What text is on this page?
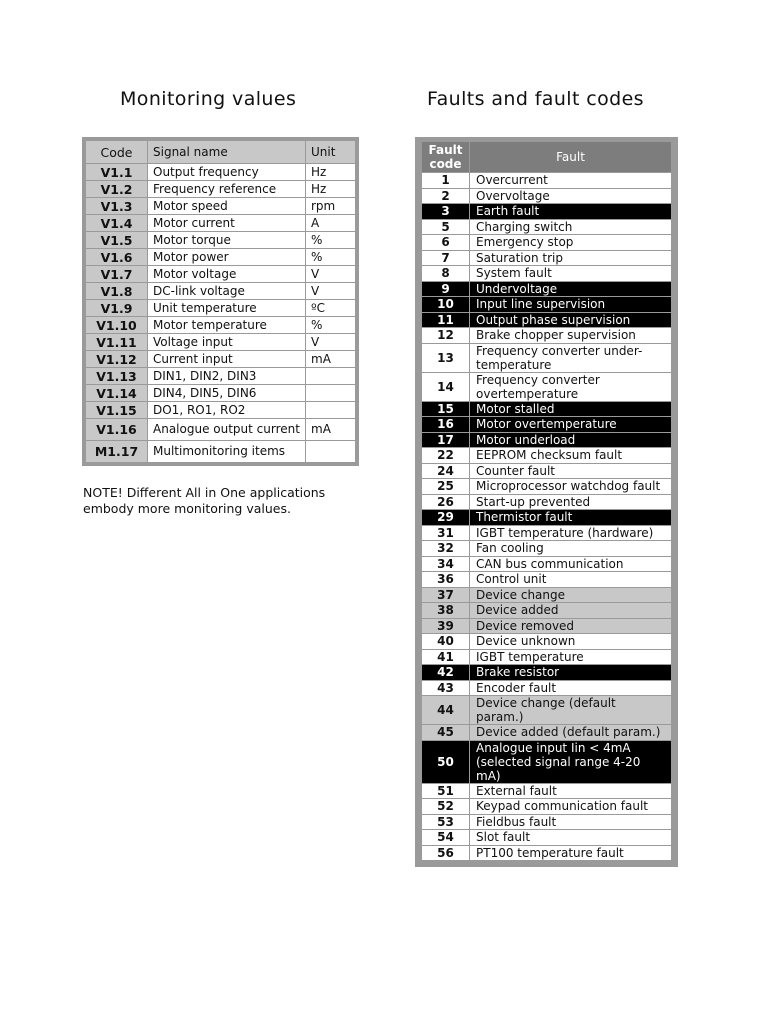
Monitoring values	Faults and fault codes
Code	Signal name	Unit
V1.1	Output frequency	Hz
V1.2	Frequency reference	Hz
V1.3	Motor speed	rpm
V1.4	Motor current	A
V1.5	Motor torque	%
V1.6	Motor power	%
V1.7	Motor voltage	V
V1.8	DC-link voltage	V
V1.9	Unit temperature	ºC
V1.10	Motor temperature	%
V1.11	Voltage input	V
V1.12	Current input	mA
V1.13	DIN1, DIN2, DIN3	
V1.14	DIN4, DIN5, DIN6	
V1.15	DO1, RO1, RO2	
V1.16	Analogue output current	mA
M1.17	Multimonitoring items	
NOTE! Different All in One applications embody more monitoring values.
Fault code	Fault
1	Overcurrent
2	Overvoltage
3	Earth fault
5	Charging switch
6	Emergency stop
7	Saturation trip
8	System fault
9	Undervoltage
10	Input line supervision
11	Output phase supervision
12	Brake chopper supervision
13	Frequency converter under-temperature
14	Frequency converter overtemperature
15	Motor stalled
16	Motor overtemperature
17	Motor underload
22	EEPROM checksum fault
24	Counter fault
25	Microprocessor watchdog fault
26	Start-up prevented
29	Thermistor fault
31	IGBT temperature (hardware)
32	Fan cooling
34	CAN bus communication
36	Control unit
37	Device change
38	Device added
39	Device removed
40	Device unknown
41	IGBT temperature
42	Brake resistor
43	Encoder fault
44	Device change (default param.)
45	Device added (default param.)
50	Analogue input Iin < 4mA (selected signal range 4-20 mA)
51	External fault
52	Keypad communication fault
53	Fieldbus fault
54	Slot fault
56	PT100 temperature fault
